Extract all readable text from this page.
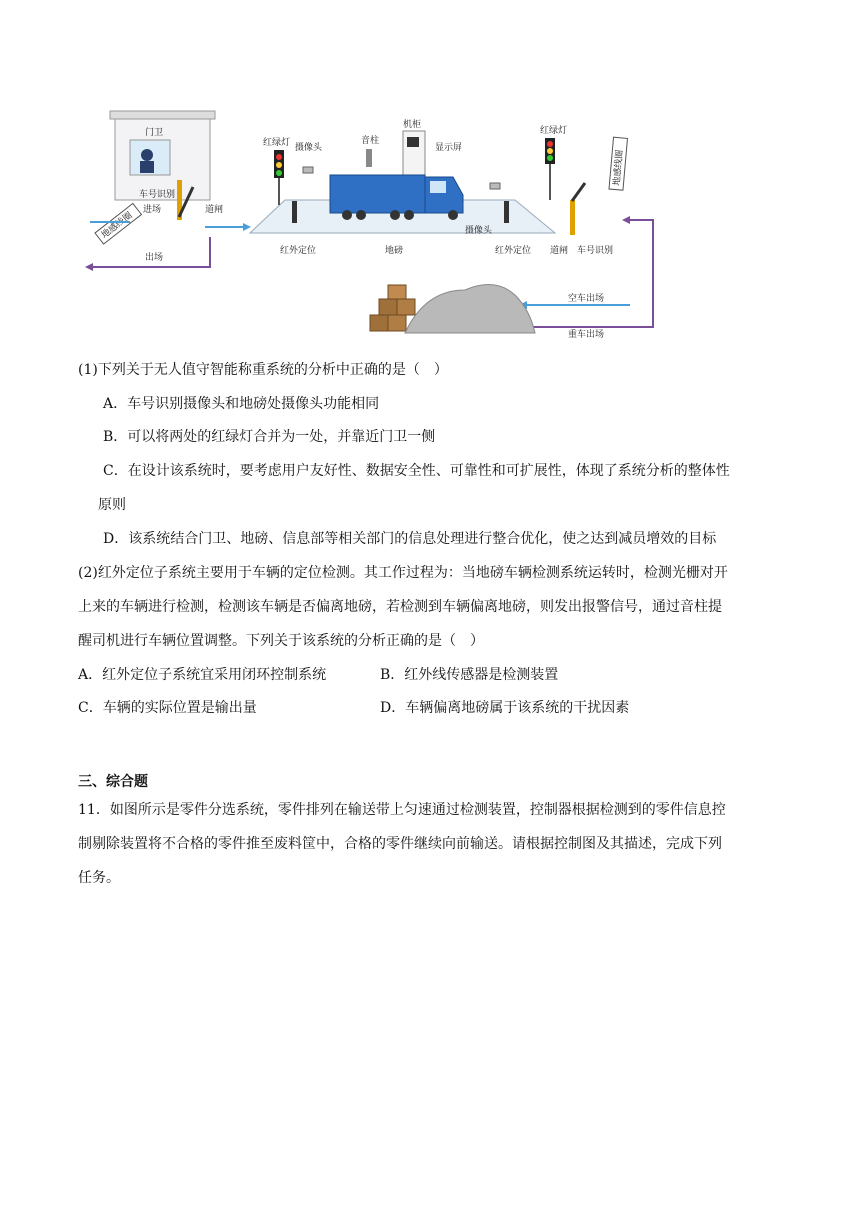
门卫
车号识别
进场	道闸
出场
地感线圈
红绿灯 摄像头
音柱
机柜
显示屏
红外定位	地磅
摄像头
红外定位
红绿灯
道闸 车号识别
地感线圈
空车出场
重车出场
(1)下列关于无人值守智能称重系统的分析中正确的是（　）
A．车号识别摄像头和地磅处摄像头功能相同
B．可以将两处的红绿灯合并为一处，并靠近门卫一侧
C．在设计该系统时，要考虑用户友好性、数据安全性、可靠性和可扩展性，体现了系统分析的整体性
原则
D．该系统结合门卫、地磅、信息部等相关部门的信息处理进行整合优化，使之达到减员增效的目标
(2)红外定位子系统主要用于车辆的定位检测。其工作过程为：当地磅车辆检测系统运转时，检测光栅对开
上来的车辆进行检测，检测该车辆是否偏离地磅，若检测到车辆偏离地磅，则发出报警信号，通过音柱提
醒司机进行车辆位置调整。下列关于该系统的分析正确的是（　）
A．红外定位子系统宜采用闭环控制系统	B．红外线传感器是检测装置
C．车辆的实际位置是输出量	D．车辆偏离地磅属于该系统的干扰因素
三、综合题
11．如图所示是零件分选系统，零件排列在输送带上匀速通过检测装置，控制器根据检测到的零件信息控
制剔除装置将不合格的零件推至废料筐中，合格的零件继续向前输送。请根据控制图及其描述，完成下列
任务。
